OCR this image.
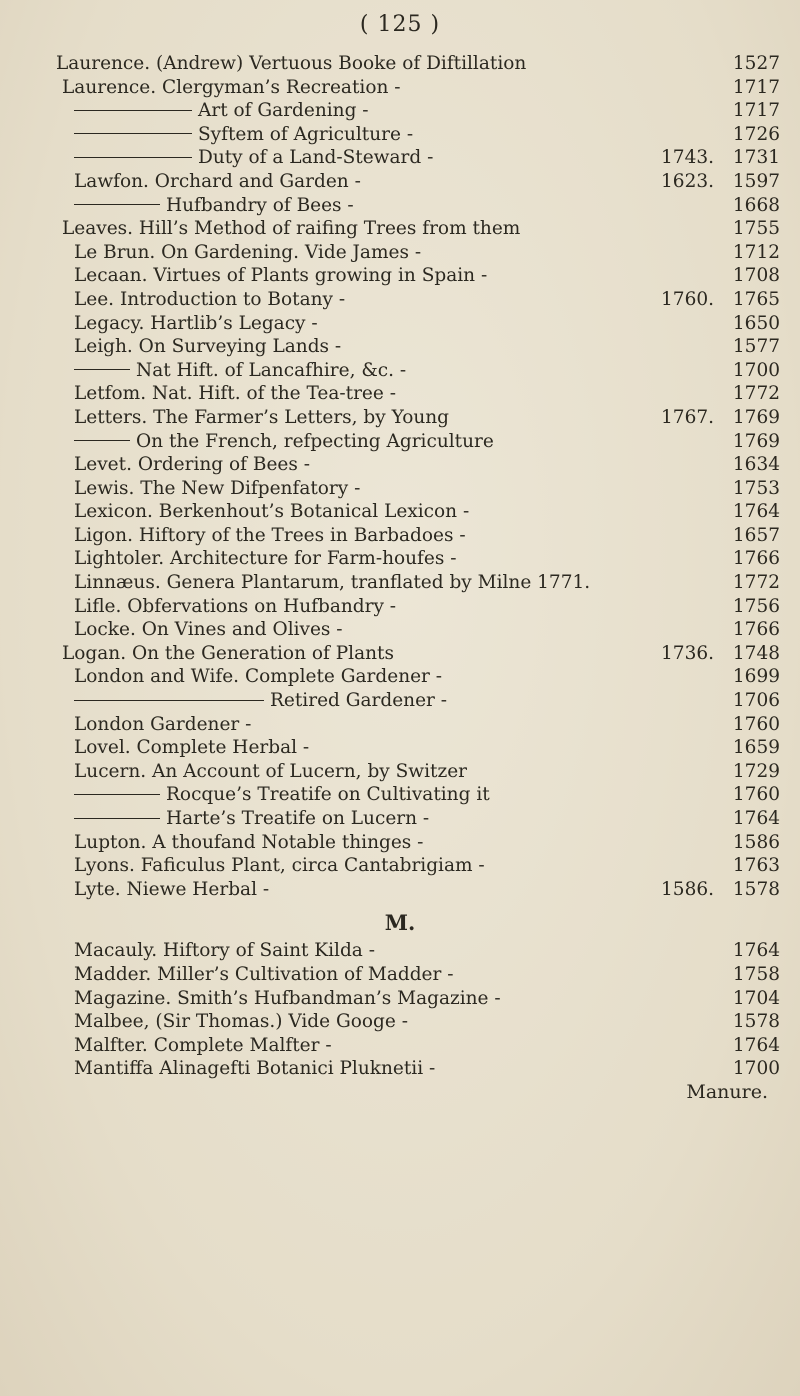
( 125 )
Laurence. (Andrew) Vertuous Booke of Diftillation	1527
Laurence. Clergyman’s Recreation -	1717
Art of Gardening -	1717
Syftem of Agriculture -	1726
Duty of a Land-Steward -	1743.	1731
Lawfon. Orchard and Garden -	1623.	1597
Hufbandry of Bees -	1668
Leaves. Hill’s Method of raifing Trees from them	1755
Le Brun. On Gardening. Vide James -	1712
Lecaan. Virtues of Plants growing in Spain -	1708
Lee. Introduction to Botany -	1760.	1765
Legacy. Hartlib’s Legacy -	1650
Leigh. On Surveying Lands -	1577
Nat Hift. of Lancafhire, &c. -	1700
Letfom. Nat. Hift. of the Tea-tree -	1772
Letters. The Farmer’s Letters, by Young	1767.	1769
On the French, refpecting Agriculture	1769
Levet. Ordering of Bees -	1634
Lewis. The New Difpenfatory -	1753
Lexicon. Berkenhout’s Botanical Lexicon -	1764
Ligon. Hiftory of the Trees in Barbadoes -	1657
Lightoler. Architecture for Farm-houfes -	1766
Linnæus. Genera Plantarum, tranflated by Milne 1771.	1772
Lifle. Obfervations on Hufbandry -	1756
Locke. On Vines and Olives -	1766
Logan. On the Generation of Plants	1736.	1748
London and Wife. Complete Gardener -	1699
Retired Gardener -	1706
London Gardener -	1760
Lovel. Complete Herbal -	1659
Lucern. An Account of Lucern, by Switzer	1729
Rocque’s Treatife on Cultivating it	1760
Harte’s Treatife on Lucern -	1764
Lupton. A thoufand Notable thinges -	1586
Lyons. Faficulus Plant, circa Cantabrigiam -	1763
Lyte. Niewe Herbal -	1586.	1578
M.
Macauly. Hiftory of Saint Kilda -	1764
Madder. Miller’s Cultivation of Madder -	1758
Magazine. Smith’s Hufbandman’s Magazine -	1704
Malbee, (Sir Thomas.) Vide Googe -	1578
Malfter. Complete Malfter -	1764
Mantiffa Alinagefti Botanici Pluknetii -	1700
Manure.
